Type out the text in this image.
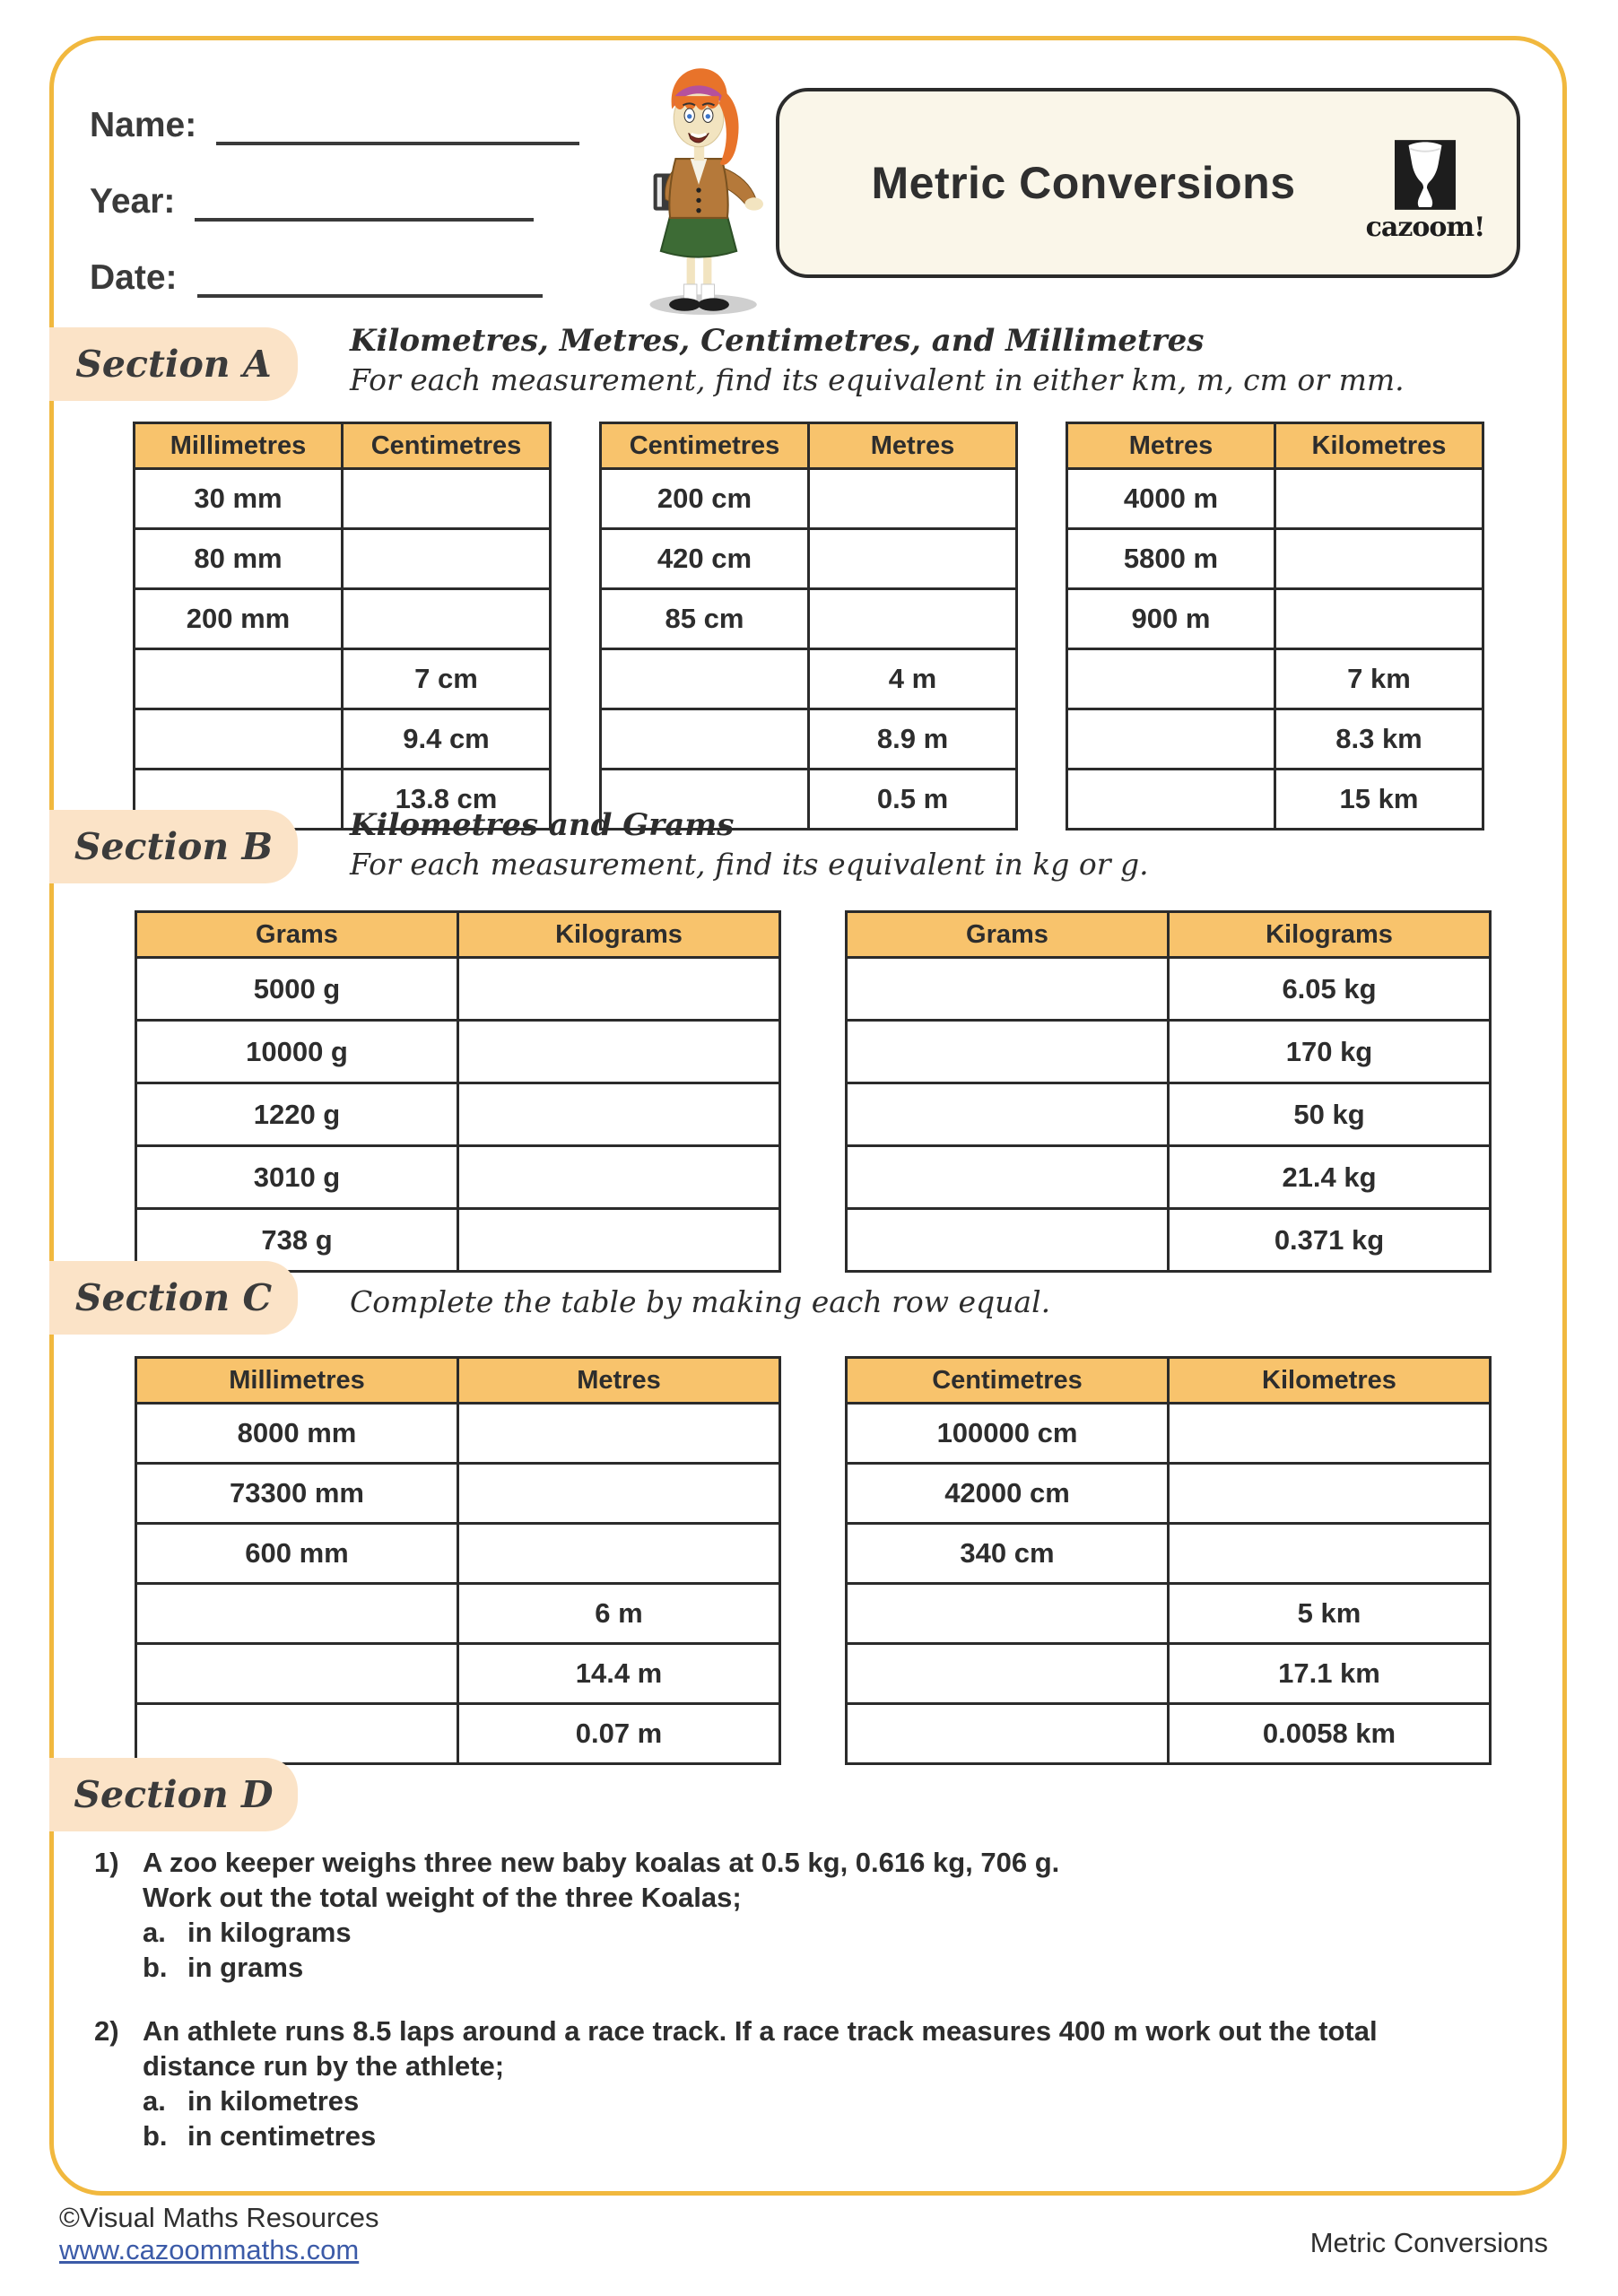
Name:
Year:
Date:
Metric Conversions
cazoom!
Section A
Kilometres, Metres, Centimetres, and Millimetres
For each measurement, find its equivalent in either km, m, cm or mm.
Millimetres	Centimetres
30 mm	
80 mm	
200 mm	
	7 cm
	9.4 cm
	13.8 cm
Centimetres	Metres
200 cm	
420 cm	
85 cm	
	4 m
	8.9 m
	0.5 m
Metres	Kilometres
4000 m	
5800 m	
900 m	
	7 km
	8.3 km
	15 km
Section B	Kilometres and Grams
For each measurement, find its equivalent in kg or g.
Grams	Kilograms
5000 g	
10000 g	
1220 g	
3010 g	
738 g	
Grams	Kilograms
	6.05 kg
	170 kg
	50 kg
	21.4 kg
	0.371 kg
Section C	Complete the table by making each row equal.
Millimetres	Metres
8000 mm	
73300 mm	
600 mm	
	6 m
	14.4 m
	0.07 m
Centimetres	Kilometres
100000 cm	
42000 cm	
340 cm	
	5 km
	17.1 km
	0.0058 km
Section D
1) A zoo keeper weighs three new baby koalas at 0.5 kg, 0.616 kg, 706 g.
Work out the total weight of the three Koalas;
a. in kilograms
b. in grams
2) An athlete runs 8.5 laps around a race track. If a race track measures 400 m work out the total
distance run by the athlete;
a. in kilometres
b. in centimetres
©Visual Maths Resources
www.cazoommaths.com	Metric Conversions
